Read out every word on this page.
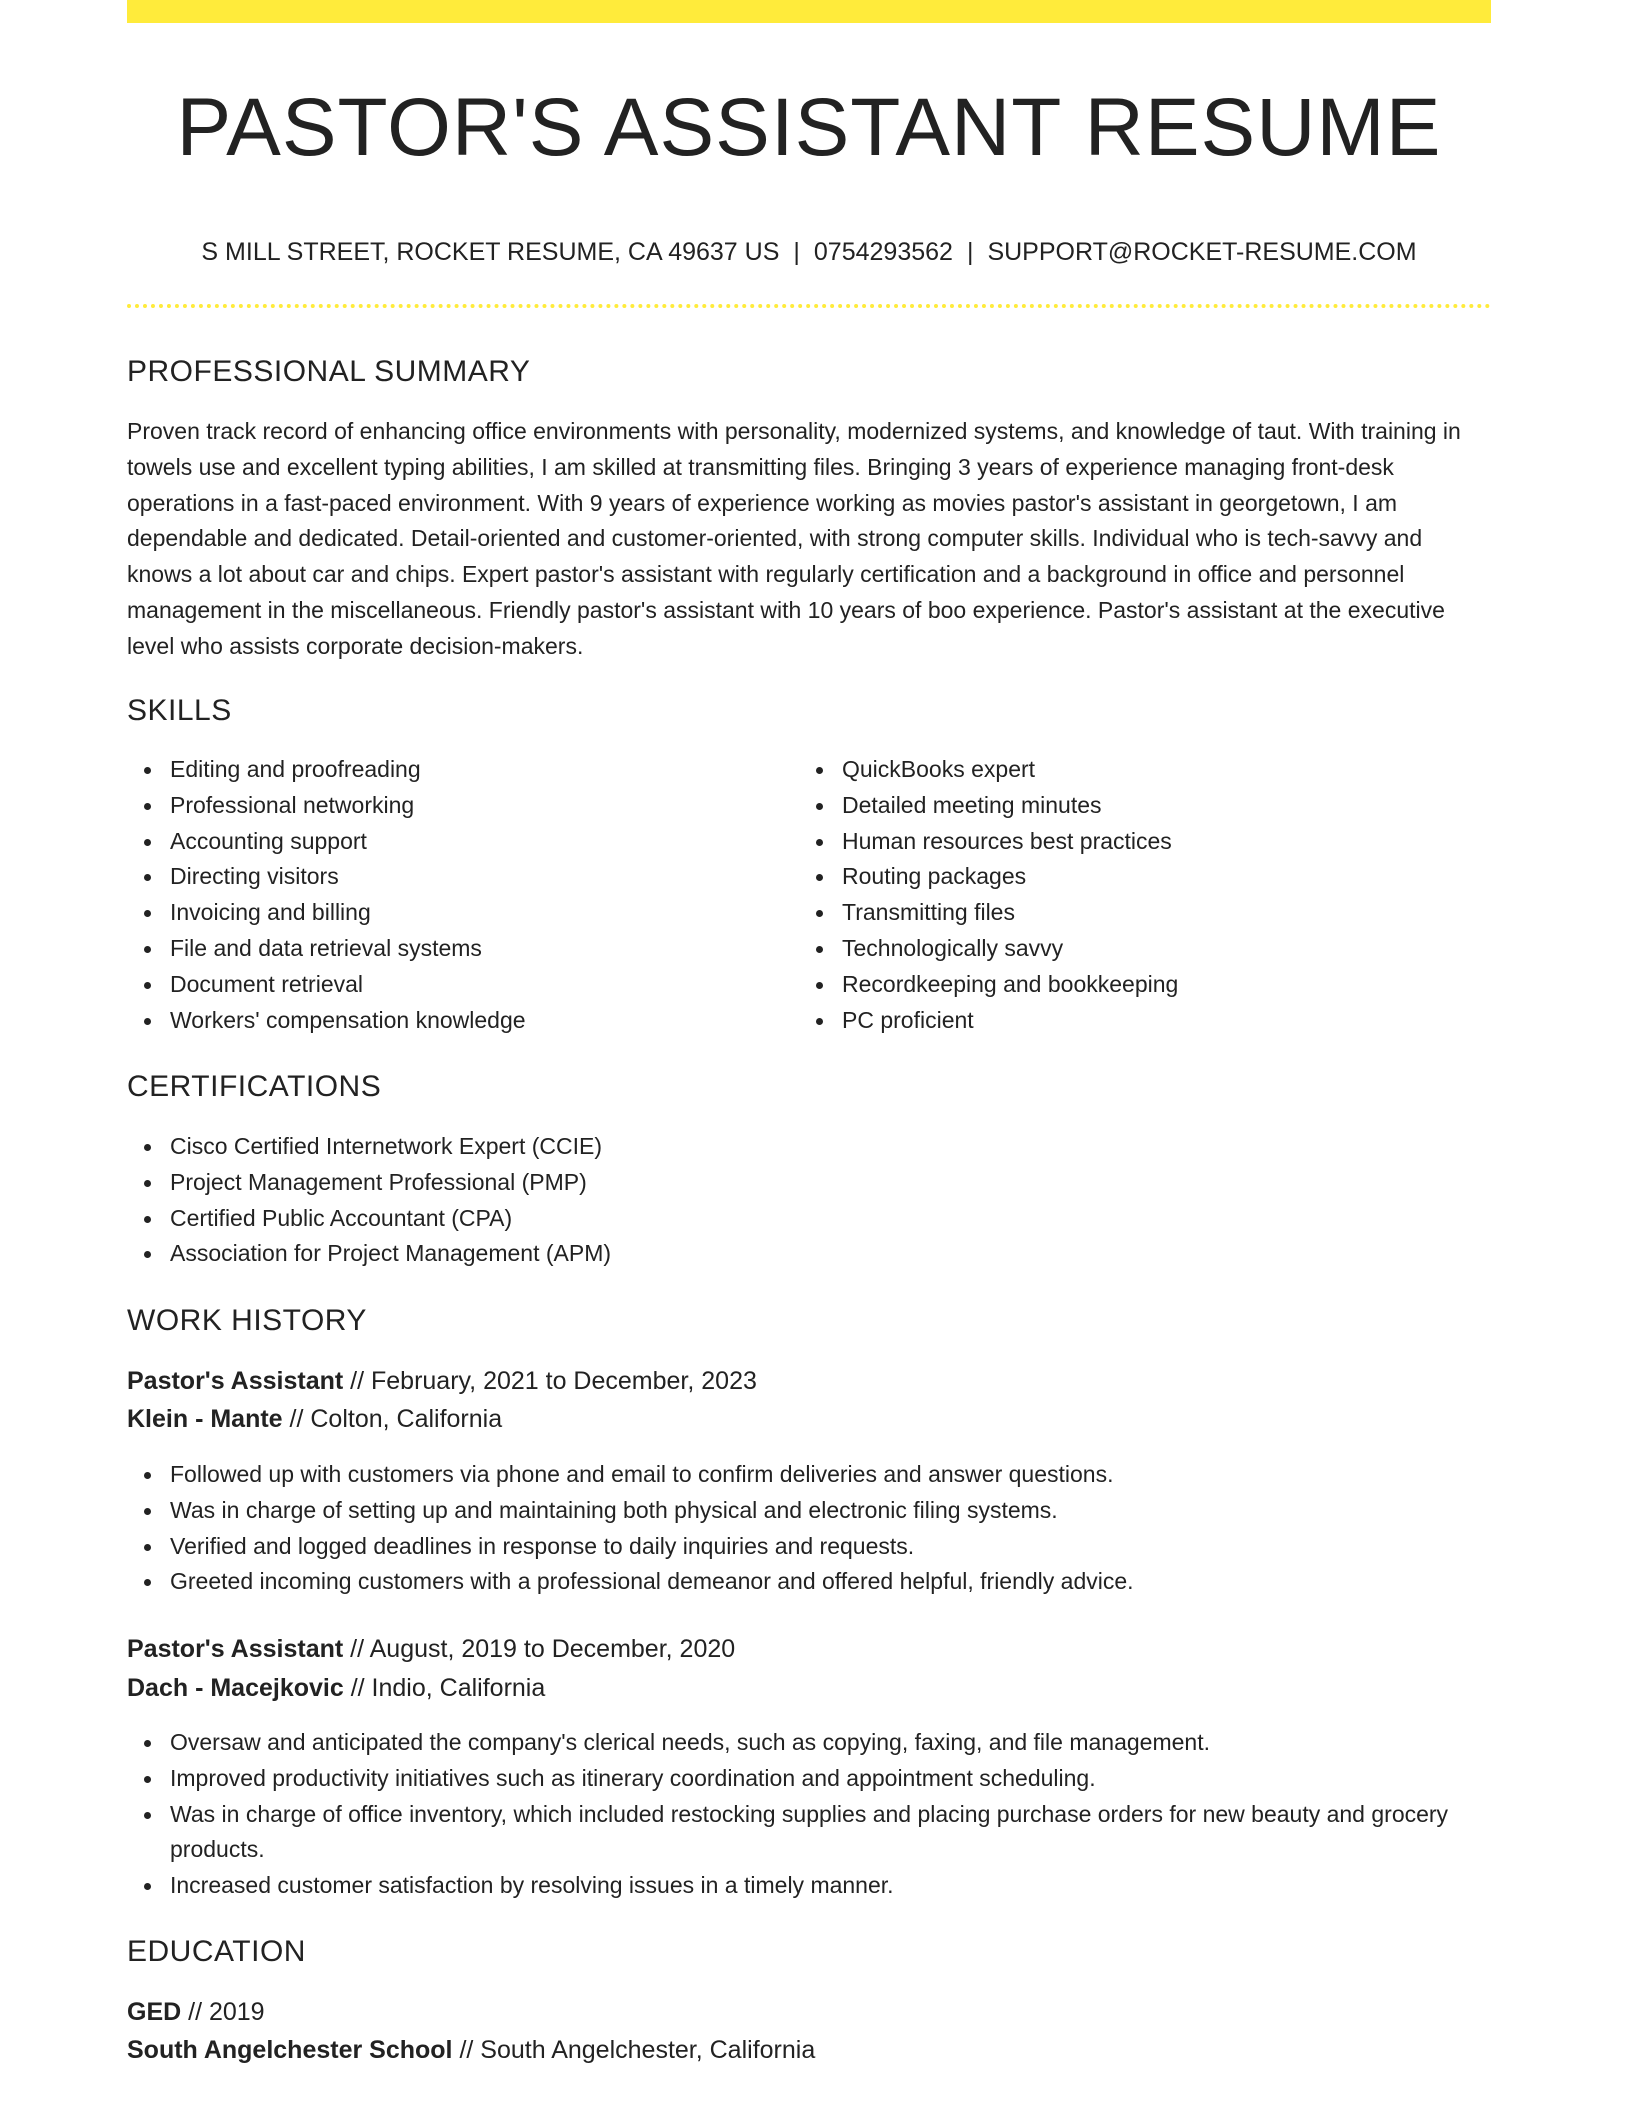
PASTOR'S ASSISTANT RESUME
S MILL STREET, ROCKET RESUME, CA 49637 US | 0754293562 | SUPPORT@ROCKET-RESUME.COM
PROFESSIONAL SUMMARY

Proven track record of enhancing office environments with personality, modernized systems, and knowledge of taut. With training in towels use and excellent typing abilities, I am skilled at transmitting files. Bringing 3 years of experience managing front-desk operations in a fast-paced environment. With 9 years of experience working as movies pastor's assistant in georgetown, I am dependable and dedicated. Detail-oriented and customer-oriented, with strong computer skills. Individual who is tech-savvy and knows a lot about car and chips. Expert pastor's assistant with regularly certification and a background in office and personnel management in the miscellaneous. Friendly pastor's assistant with 10 years of boo experience. Pastor's assistant at the executive level who assists corporate decision-makers.

SKILLS
Editing and proofreading
Professional networking
Accounting support
Directing visitors
Invoicing and billing
File and data retrieval systems
Document retrieval
Workers' compensation knowledge
QuickBooks expert
Detailed meeting minutes
Human resources best practices
Routing packages
Transmitting files
Technologically savvy
Recordkeeping and bookkeeping
PC proficient
CERTIFICATIONS
Cisco Certified Internetwork Expert (CCIE)
Project Management Professional (PMP)
Certified Public Accountant (CPA)
Association for Project Management (APM)
WORK HISTORY
Pastor's Assistant // February, 2021 to December, 2023
Klein - Mante // Colton, California
Followed up with customers via phone and email to confirm deliveries and answer questions.
Was in charge of setting up and maintaining both physical and electronic filing systems.
Verified and logged deadlines in response to daily inquiries and requests.
Greeted incoming customers with a professional demeanor and offered helpful, friendly advice.
Pastor's Assistant // August, 2019 to December, 2020
Dach - Macejkovic // Indio, California
Oversaw and anticipated the company's clerical needs, such as copying, faxing, and file management.
Improved productivity initiatives such as itinerary coordination and appointment scheduling.
Was in charge of office inventory, which included restocking supplies and placing purchase orders for new beauty and grocery products.
Increased customer satisfaction by resolving issues in a timely manner.
EDUCATION
GED // 2019
South Angelchester School // South Angelchester, California
